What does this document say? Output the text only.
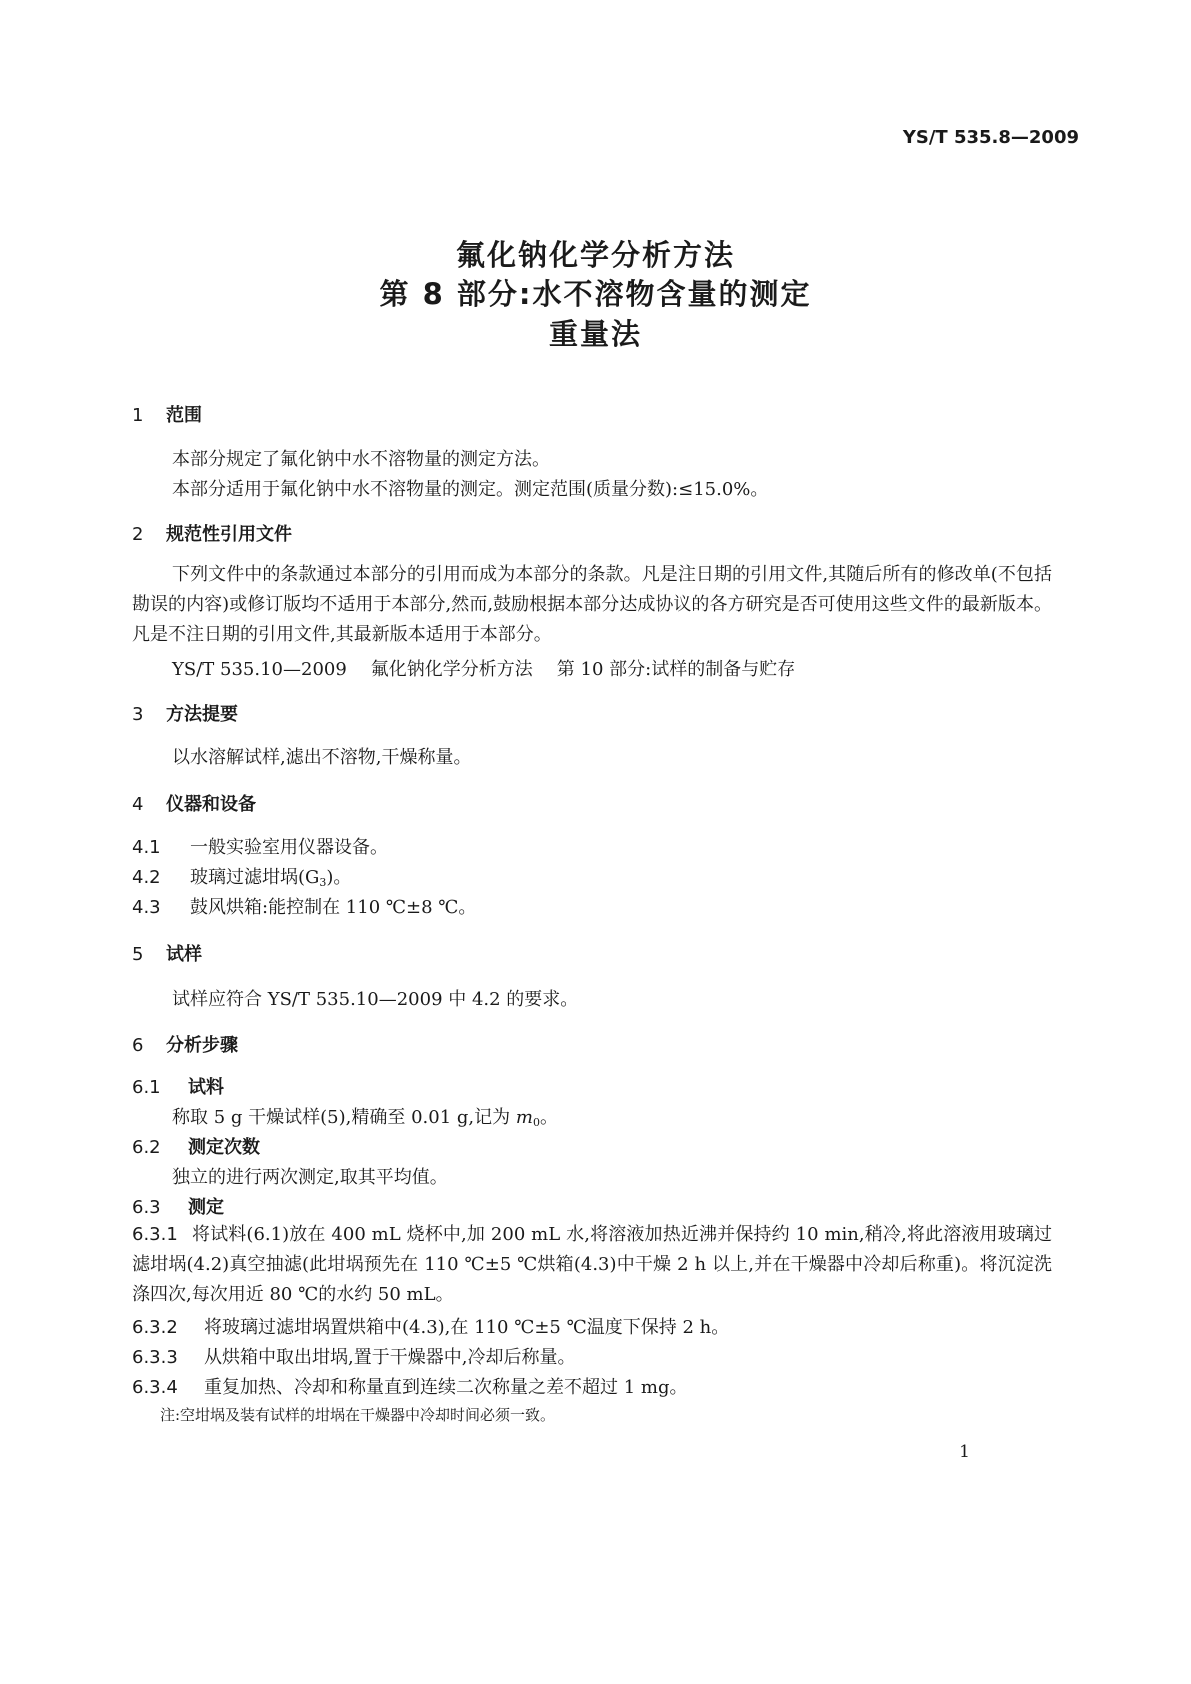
YS/T 535.8—2009
氟化钠化学分析方法
第 8 部分:水不溶物含量的测定
重量法
1 范围
本部分规定了氟化钠中水不溶物量的测定方法。
本部分适用于氟化钠中水不溶物量的测定。测定范围(质量分数):≤15.0%。
2 规范性引用文件
下列文件中的条款通过本部分的引用而成为本部分的条款。凡是注日期的引用文件,其随后所有的修改单(不包括勘误的内容)或修订版均不适用于本部分,然而,鼓励根据本部分达成协议的各方研究是否可使用这些文件的最新版本。凡是不注日期的引用文件,其最新版本适用于本部分。
YS/T 535.10—2009 氟化钠化学分析方法 第 10 部分:试样的制备与贮存
3 方法提要
以水溶解试样,滤出不溶物,干燥称量。
4 仪器和设备
4.1 一般实验室用仪器设备。
4.2 玻璃过滤坩埚$(G_3)$。
4.3 鼓风烘箱:能控制在 110 ℃±8 ℃。
5 试样
试样应符合 YS/T 535.10—2009 中 4.2 的要求。
6 分析步骤
6.1 试料
称取 5 g 干燥试样(5),精确至 0.01 g,记为 $m_0$。
6.2 测定次数
独立的进行两次测定,取其平均值。
6.3 测定
6.3.1 将试料(6.1)放在 400 mL 烧杯中,加 200 mL 水,将溶液加热近沸并保持约 10 min,稍冷,将此溶液用玻璃过滤坩埚(4.2)真空抽滤(此坩埚预先在 110 ℃±5 ℃烘箱(4.3)中干燥 2 h 以上,并在干燥器中冷却后称重)。将沉淀洗涤四次,每次用近 80 ℃的水约 50 mL。
6.3.2 将玻璃过滤坩埚置烘箱中(4.3),在 110 ℃±5 ℃温度下保持 2 h。
6.3.3 从烘箱中取出坩埚,置于干燥器中,冷却后称量。
6.3.4 重复加热、冷却和称量直到连续二次称量之差不超过 1 mg。
注:空坩埚及装有试样的坩埚在干燥器中冷却时间必须一致。
1
